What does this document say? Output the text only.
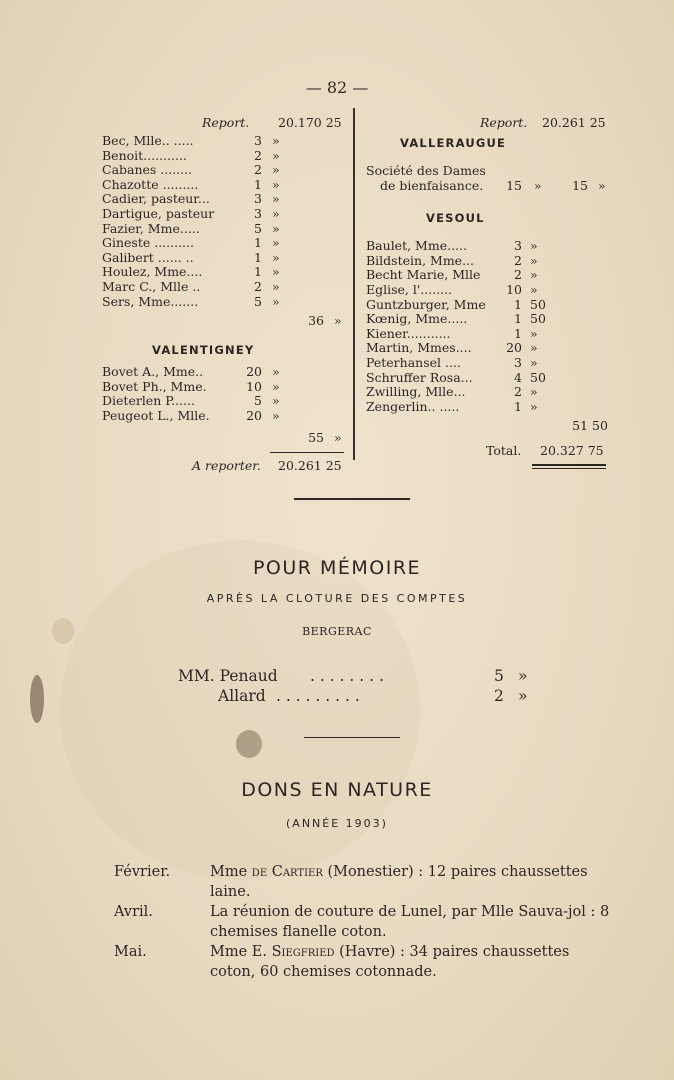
— 82 —
Report. 20.170 25
Bec, Mlle.. .....	3 »
Benoit...........	2 »
Cabanes ........	2 »
Chazotte .........	1 »
Cadier, pasteur...	3 »
Dartigue, pasteur	3 »
Fazier, Mme.....	5 »
Gineste ..........	1 »
Galibert ...... ..	1 »
Houlez, Mme....	1 »
Marc C., Mlle ..	2 »
Sers, Mme.......	5 »
36 »
VALENTIGNEY
Bovet A., Mme..	20 »
Bovet Ph., Mme.	10 »
Dieterlen P......	5 »
Peugeot L., Mlle.	20 »
55 »
A reporter. 20.261 25
Report. 20.261 25
VALLERAUGUE
Société des Dames
de bienfaisance.	15 »	15 »
VESOUL
Baulet, Mme.....	3 »
Bildstein, Mme...	2 »
Becht Marie, Mlle	2 »
Eglise, l'........	10 »
Guntzburger, Mme	1 50
Kœnig, Mme.....	1 50
Kiener...........	1 »
Martin, Mmes....	20 »
Peterhansel ....	3 »
Schruffer Rosa...	4 50
Zwilling, Mlle...	2 »
Zengerlin.. .....	1 »
51 50
Total. 20.327 75
POUR MÉMOIRE
APRÈS LA CLOTURE DES COMPTES
BERGERAC
MM. Penaud . . . . . . . .	5 »
Allard . . . . . . . . .	2 »
DONS EN NATURE
(ANNÉE 1903)
Février.	Mme de Cartier (Monestier) : 12 paires chaussettes laine.
Avril.	La réunion de couture de Lunel, par Mlle Sauva-jol : 8 chemises flanelle coton.
Mai.	Mme E. Siegfried (Havre) : 34 paires chaussettes coton, 60 chemises cotonnade.
